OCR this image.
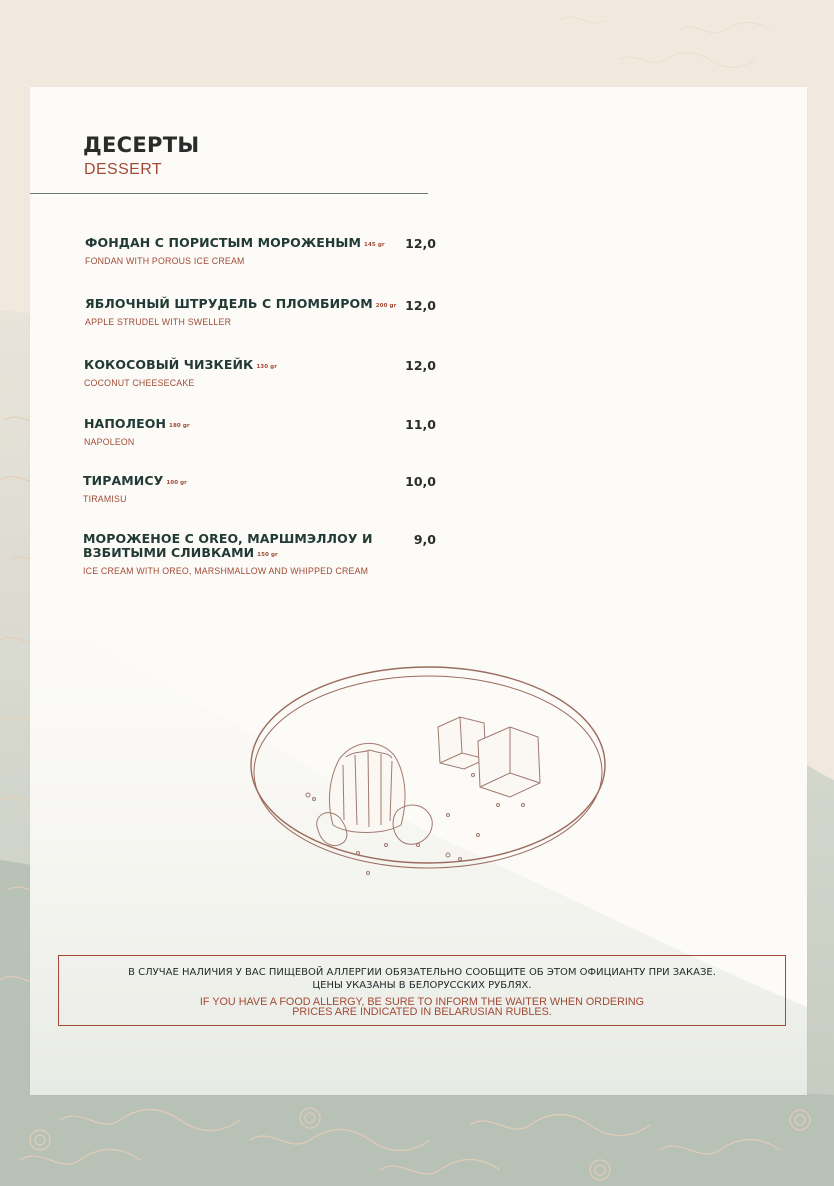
ДЕСЕРТЫ
DESSERT
ФОНДАН С ПОРИСТЫМ МОРОЖЕНЫМ 145 gr
FONDAN WITH POROUS ICE CREAM
12,0
ЯБЛОЧНЫЙ ШТРУДЕЛЬ С ПЛОМБИРОМ 200 gr
APPLE STRUDEL WITH SWELLER
12,0
КОКОСОВЫЙ ЧИЗКЕЙК 130 gr
COCONUT CHEESECAKE
12,0
НАПОЛЕОН 180 gr
NAPOLEON
11,0
ТИРАМИСУ 100 gr
TIRAMISU
10,0
МОРОЖЕНОЕ С OREO, МАРШМЭЛЛОУ И
ВЗБИТЫМИ СЛИВКАМИ 150 gr
ICE CREAM WITH OREO, MARSHMALLOW AND WHIPPED CREAM
9,0
В СЛУЧАЕ НАЛИЧИЯ У ВАС ПИЩЕВОЙ АЛЛЕРГИИ ОБЯЗАТЕЛЬНО СООБЩИТЕ ОБ ЭТОМ ОФИЦИАНТУ ПРИ ЗАКАЗЕ.
ЦЕНЫ УКАЗАНЫ В БЕЛОРУССКИХ РУБЛЯХ.
IF YOU HAVE A FOOD ALLERGY, BE SURE TO INFORM THE WAITER WHEN ORDERING
PRICES ARE INDICATED IN BELARUSIAN RUBLES.
